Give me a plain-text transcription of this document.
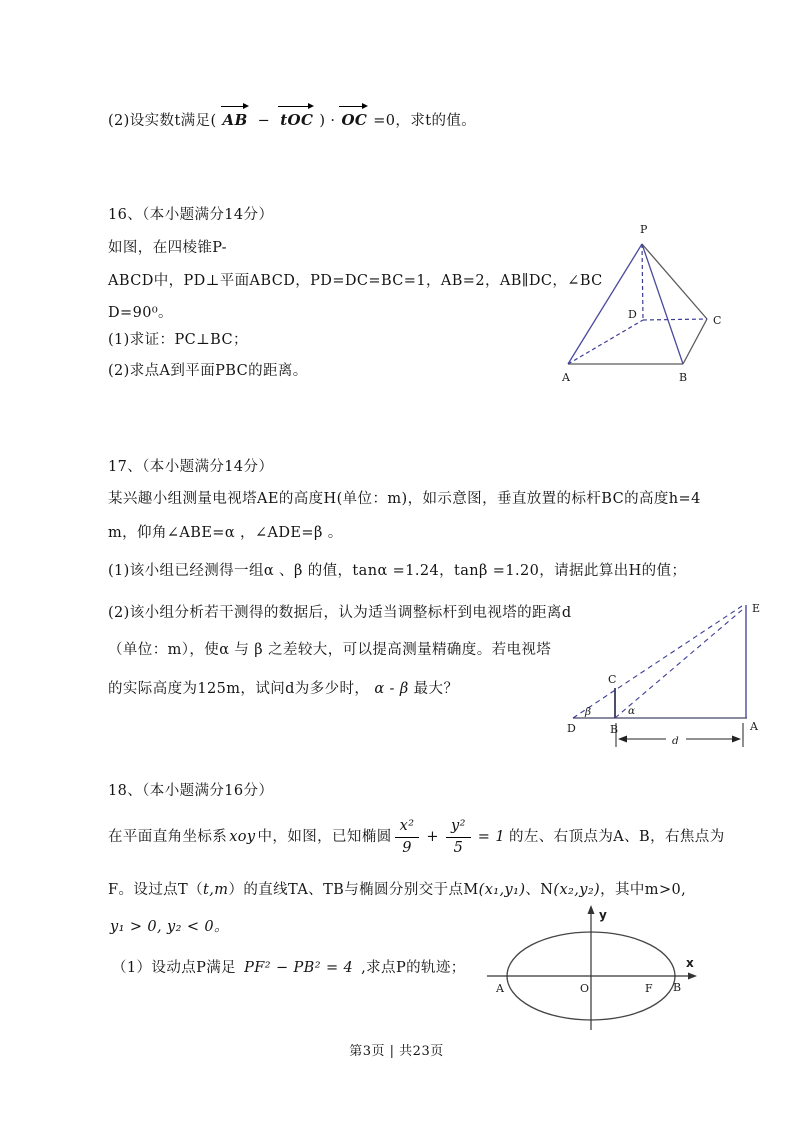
(2)设实数t满足( AB − tOC ) · OC =0，求t的值。
16、（本小题满分14分）
如图，在四棱锥P-
ABCD中，PD⊥平面ABCD，PD=DC=BC=1，AB=2，AB∥DC，∠BC
D=90⁰。
(1)求证：PC⊥BC；
(2)求点A到平面PBC的距离。
P
A	B
C
D
17、（本小题满分14分）
某兴趣小组测量电视塔AE的高度H(单位：m)，如示意图，垂直放置的标杆BC的高度h=4
m，仰角∠ABE=α ，∠ADE=β 。
(1)该小组已经测得一组α 、β 的值，tanα =1.24，tanβ =1.20，请据此算出H的值；
(2)该小组分析若干测得的数据后，认为适当调整标杆到电视塔的距离d
（单位：m），使α 与 β 之差较大，可以提高测量精确度。若电视塔
的实际高度为125m，试问d为多少时， α - β 最大？
E
A
D	B
C
β	α
d
18、（本小题满分16分）
在平面直角坐标系 xoy 中，如图，已知椭圆 $\frac{\text{x²}}{9} + \frac{\text{y²}}{5} = 1$ 的左、右顶点为A、B，右焦点为
F。设过点T（t,m）的直线TA、TB与椭圆分别交于点M(x₁,y₁)、N(x₂,y₂)，其中m>0,
y₁ > 0, y₂ < 0。
（1）设动点P满足 PF² − PB² = 4 ,求点P的轨迹；
y
x
A	O	F B
第3页 | 共23页
